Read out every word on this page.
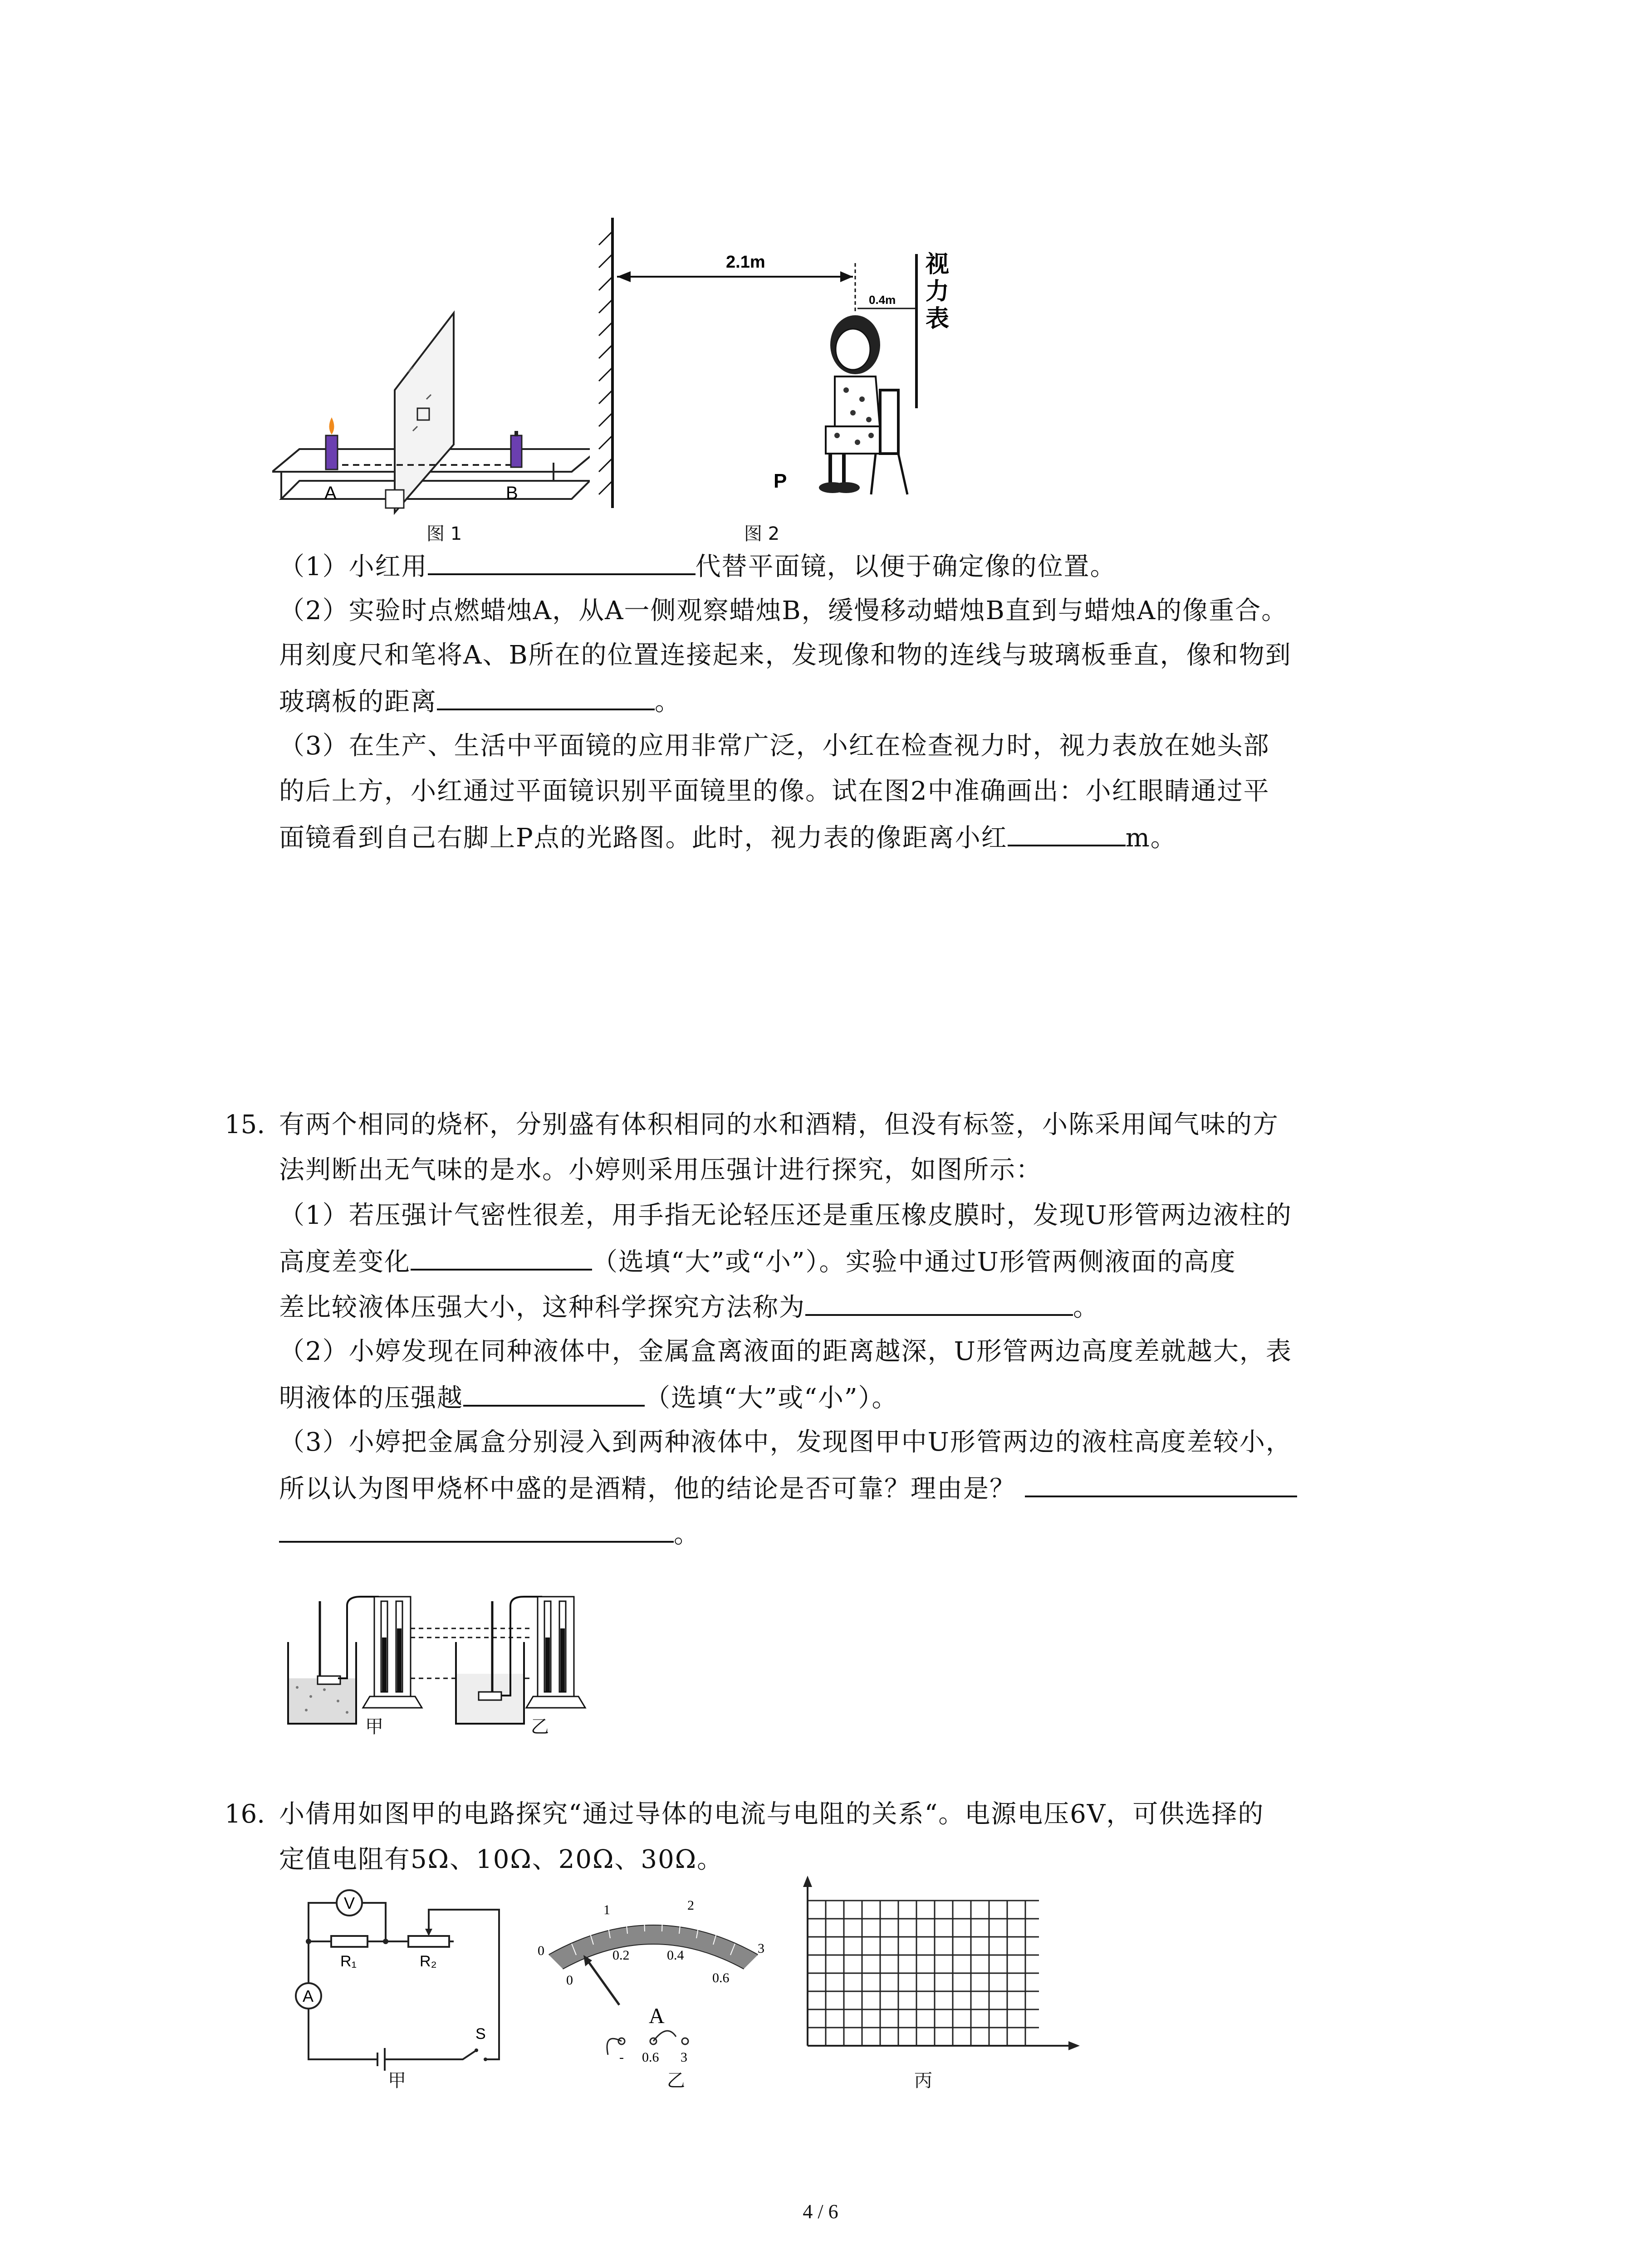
A	B
图 1
2.1m
0.4m
视
力
表
P
图 2
（1）小红用	代替平面镜，以便于确定像的位置。
（2）实验时点燃蜡烛A，从A一侧观察蜡烛B，缓慢移动蜡烛B直到与蜡烛A的像重合。
用刻度尺和笔将A、B所在的位置连接起来，发现像和物的连线与玻璃板垂直，像和物到
玻璃板的距离	。
（3）在生产、生活中平面镜的应用非常广泛，小红在检查视力时，视力表放在她头部
的后上方，小红通过平面镜识别平面镜里的像。试在图2中准确画出：小红眼睛通过平
面镜看到自己右脚上P点的光路图。此时，视力表的像距离小红	m。
15. 有两个相同的烧杯，分别盛有体积相同的水和酒精，但没有标签，小陈采用闻气味的方
法判断出无气味的是水。小婷则采用压强计进行探究，如图所示：
（1）若压强计气密性很差，用手指无论轻压还是重压橡皮膜时，发现U形管两边液柱的
高度差变化	（选填“大”或“小”）。实验中通过U形管两侧液面的高度
差比较液体压强大小，这种科学探究方法称为	。
（2）小婷发现在同种液体中，金属盒离液面的距离越深，U形管两边高度差就越大，表
明液体的压强越	（选填“大”或“小”）。
（3）小婷把金属盒分别浸入到两种液体中，发现图甲中U形管两边的液柱高度差较小，
所以认为图甲烧杯中盛的是酒精，他的结论是否可靠？理由是？
。
甲	乙
16. 小倩用如图甲的电路探究“通过导体的电流与电阻的关系“。电源电压6V，可供选择的
定值电阻有5Ω、10Ω、20Ω、30Ω。
V
A
R₁	R₂
S
甲
0
1	2
3
0
0.2	0.4
0.6
A
- 0.6 3
乙	丙
4 / 6
